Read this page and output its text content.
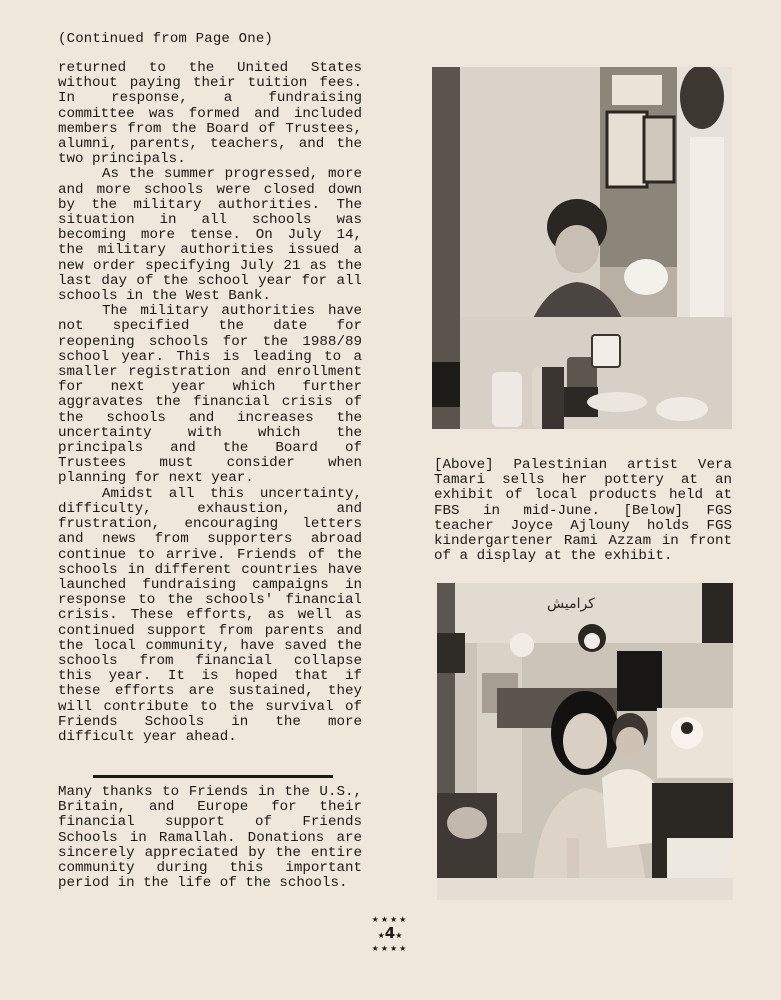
(Continued from Page One)

returned to the United States without paying their tuition fees. In response, a fundraising committee was formed and included members from the Board of Trustees, alumni, parents, teachers, and the two principals.

As the summer progressed, more and more schools were closed down by the military authorities. The situation in all schools was becoming more tense. On July 14, the military authorities issued a new order specifying July 21 as the last day of the school year for all schools in the West Bank.

The military authorities have not specified the date for reopening schools for the 1988/89 school year. This is leading to a smaller registration and enrollment for next year which further aggravates the financial crisis of the schools and increases the uncertainty with which the principals and the Board of Trustees must consider when planning for next year.

Amidst all this uncertainty, difficulty, exhaustion, and frustration, encouraging letters and news from supporters abroad continue to arrive. Friends of the schools in different countries have launched fundraising campaigns in response to the schools' financial crisis. These efforts, as well as continued support from parents and the local community, have saved the schools from financial collapse this year. It is hoped that if these efforts are sustained, they will contribute to the survival of Friends Schools in the more difficult year ahead.

Many thanks to Friends in the U.S., Britain, and Europe for their financial support of Friends Schools in Ramallah. Donations are sincerely appreciated by the entire community during this important period in the life of the schools.

[Above] Palestinian artist Vera Tamari sells her pottery at an exhibit of local products held at FBS in mid-June. [Below] FGS teacher Joyce Ajlouny holds FGS kindergartener Rami Azzam in front of a display at the exhibit.

كراميش
★★★★
★4★
★★★★
